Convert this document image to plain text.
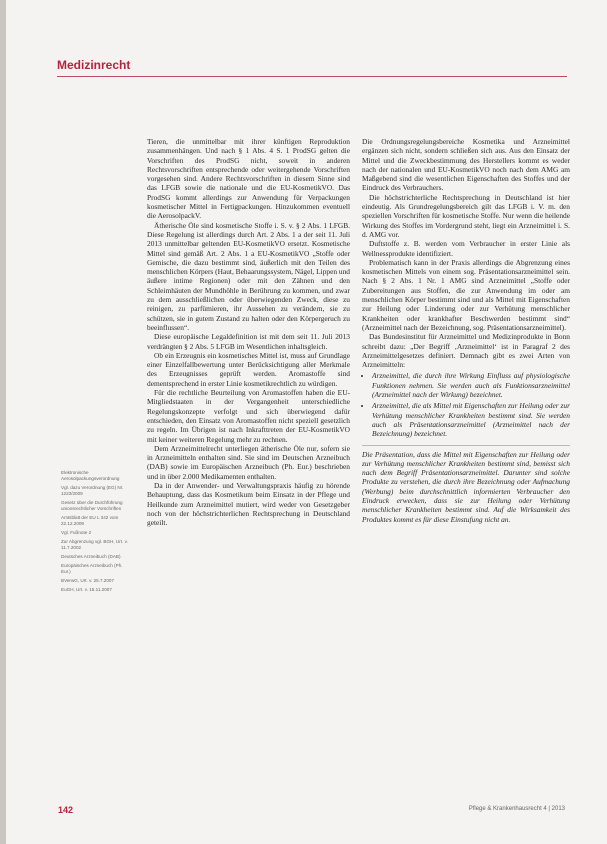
Medizinrecht
Elektronische Aerosolpackungsverordnung
Vgl. dazu Verordnung (EG) Nr. 1223/2009
Gesetz über die Durchführung unionsrechtlicher Vorschriften
Amtsblatt der EU L 342 vom 22.12.2009
Vgl. Fußnote 2
Zur Abgrenzung vgl. BGH, Urt. v. 11.7.2002
Deutsches Arzneibuch (DAB)
Europäisches Arzneibuch (Ph. Eur.)
BVerwG, Urt. v. 25.7.2007
EuGH, Urt. v. 15.11.2007

Tieren, die unmittelbar mit ihrer künftigen Reproduktion zusammenhängen. Und nach § 1 Abs. 4 S. 1 ProdSG gelten die Vorschriften des ProdSG nicht, soweit in anderen Rechtsvorschriften entsprechende oder weitergehende Vorschriften vorgesehen sind. Andere Rechtsvorschriften in diesem Sinne sind das LFGB sowie die nationale und die EU-KosmetikVO. Das ProdSG kommt allerdings zur Anwendung für Verpackungen kosmetischer Mittel in Fertigpackungen. Hinzukommen eventuell die AerosolpackV.

Ätherische Öle sind kosmetische Stoffe i. S. v. § 2 Abs. 1 LFGB. Diese Regelung ist allerdings durch Art. 2 Abs. 1 a der seit 11. Juli 2013 unmittelbar geltenden EU-KosmetikVO ersetzt. Kosmetische Mittel sind gemäß Art. 2 Abs. 1 a EU-KosmetikVO „Stoffe oder Gemische, die dazu bestimmt sind, äußerlich mit den Teilen des menschlichen Körpers (Haut, Behaarungssystem, Nägel, Lippen und äußere intime Regionen) oder mit den Zähnen und den Schleimhäuten der Mundhöhle in Berührung zu kommen, und zwar zu dem ausschließlichen oder überwiegenden Zweck, diese zu reinigen, zu parfümieren, ihr Aussehen zu verändern, sie zu schützen, sie in gutem Zustand zu halten oder den Körpergeruch zu beeinflussen“.

Diese europäische Legaldefinition ist mit dem seit 11. Juli 2013 verdrängten § 2 Abs. 5 LFGB im Wesentlichen inhaltsgleich.

Ob ein Erzeugnis ein kosmetisches Mittel ist, muss auf Grundlage einer Einzelfallbewertung unter Berücksichtigung aller Merkmale des Erzeugnisses geprüft werden. Aromastoffe sind dementsprechend in erster Linie kosmetikrechtlich zu würdigen.

Für die rechtliche Beurteilung von Aromastoffen haben die EU-Mitgliedstaaten in der Vergangenheit unterschiedliche Regelungskonzepte verfolgt und sich überwiegend dafür entschieden, den Einsatz von Aromastoffen nicht speziell gesetzlich zu regeln. Im Übrigen ist nach Inkrafttreten der EU-KosmetikVO mit keiner weiteren Regelung mehr zu rechnen.

Dem Arzneimittelrecht unterliegen ätherische Öle nur, sofern sie in Arzneimitteln enthalten sind. Sie sind im Deutschen Arzneibuch (DAB) sowie im Europäischen Arzneibuch (Ph. Eur.) beschrieben und in über 2.000 Medikamenten enthalten.

Da in der Anwender- und Verwaltungspraxis häufig zu hörende Behauptung, dass das Kosmetikum beim Einsatz in der Pflege und Heilkunde zum Arzneimittel mutiert, wird weder von Gesetzgeber noch von der höchstrichterlichen Rechtsprechung in Deutschland geteilt.

Die Ordnungsregelungsbereiche Kosmetika und Arzneimittel ergänzen sich nicht, sondern schließen sich aus. Aus den Einsatz der Mittel und die Zweckbestimmung des Herstellers kommt es weder nach der nationalen und EU-KosmetikVO noch nach dem AMG am Maßgebend sind die wesentlichen Eigenschaften des Stoffes und der Eindruck des Verbrauchers.

Die höchstrichterliche Rechtsprechung in Deutschland ist hier eindeutig. Als Grundregelungsbereich gilt das LFGB i. V. m. den speziellen Vorschriften für kosmetische Stoffe. Nur wenn die heilende Wirkung des Stoffes im Vordergrund steht, liegt ein Arzneimittel i. S. d. AMG vor.

Duftstoffe z. B. werden vom Verbraucher in erster Linie als Wellnessprodukte identifiziert.

Problematisch kann in der Praxis allerdings die Abgrenzung eines kosmetischen Mittels von einem sog. Präsentationsarzneimittel sein. Nach § 2 Abs. 1 Nr. 1 AMG sind Arzneimittel „Stoffe oder Zubereitungen aus Stoffen, die zur Anwendung im oder am menschlichen Körper bestimmt sind und als Mittel mit Eigenschaften zur Heilung oder Linderung oder zur Verhütung menschlicher Krankheiten oder krankhafter Beschwerden bestimmt sind“ (Arzneimittel nach der Bezeichnung, sog. Präsentationsarzneimittel).

Das Bundesinstitut für Arzneimittel und Medizinprodukte in Bonn schreibt dazu: „Der Begriff ‚Arzneimittel‘ ist in Paragraf 2 des Arzneimittelgesetzes definiert. Demnach gibt es zwei Arten von Arzneimitteln:

• Arzneimittel, die durch ihre Wirkung Einfluss auf physiologische Funktionen nehmen. Sie werden auch als Funktionsarzneimittel (Arzneimittel nach der Wirkung) bezeichnet.
• Arzneimittel, die als Mittel mit Eigenschaften zur Heilung oder zur Verhütung menschlicher Krankheiten bestimmt sind. Sie werden auch als Präsentationsarzneimittel (Arzneimittel nach der Bezeichnung) bezeichnet.

Die Präsentation, dass die Mittel mit Eigenschaften zur Heilung oder zur Verhütung menschlicher Krankheiten bestimmt sind, bemisst sich nach dem Begriff Präsentationsarzneimittel. Darunter sind solche Produkte zu verstehen, die durch ihre Bezeichnung oder Aufmachung (Werbung) beim durchschnittlich informierten Verbraucher den Eindruck erwecken, dass sie zur Heilung oder Verhütung menschlicher Krankheiten bestimmt sind. Auf die Wirksamkeit des Produktes kommt es für diese Einstufung nicht an.

142	Pflege & Krankenhausrecht 4 | 2013
